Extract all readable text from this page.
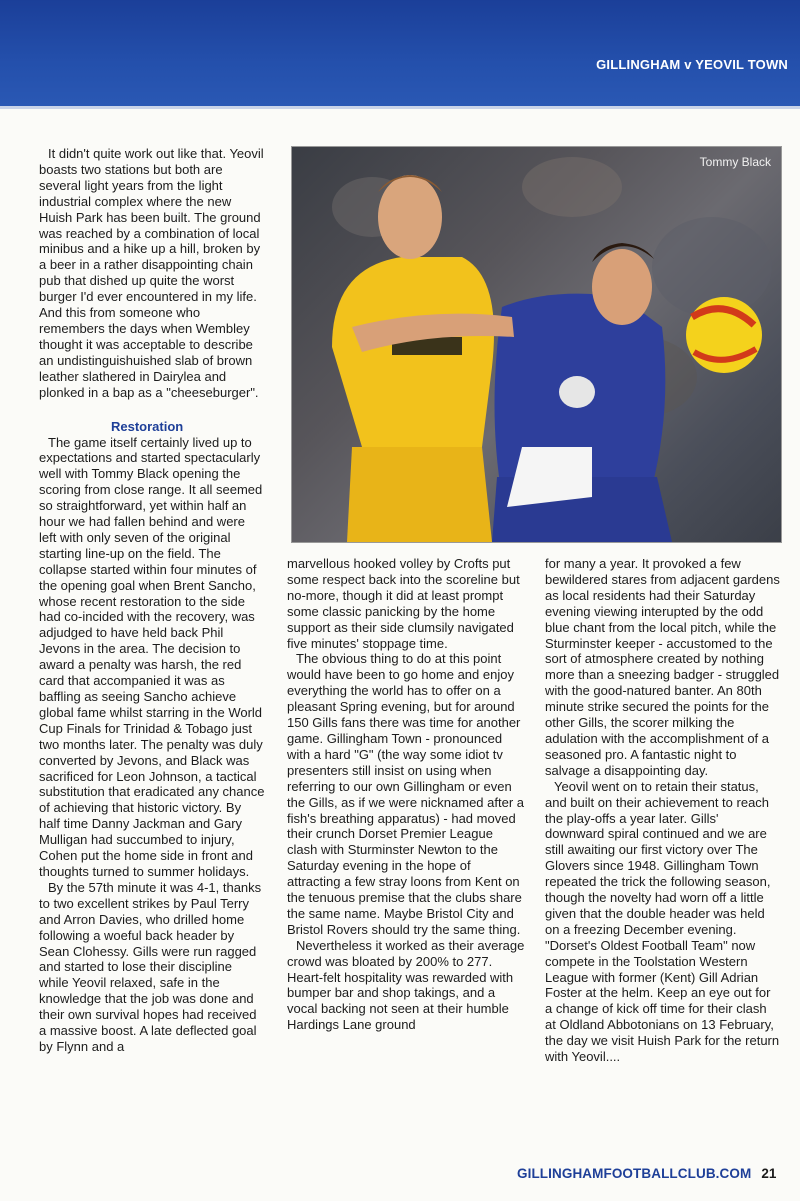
GILLINGHAM v YEOVIL TOWN

It didn't quite work out like that. Yeovil boasts two stations but both are several light years from the light industrial complex where the new Huish Park has been built. The ground was reached by a combination of local minibus and a hike up a hill, broken by a beer in a rather disappointing chain pub that dished up quite the worst burger I'd ever encountered in my life. And this from someone who remembers the days when Wembley thought it was acceptable to describe an undistinguishuished slab of brown leather slathered in Dairylea and plonked in a bap as a "cheeseburger".

Restoration

The game itself certainly lived up to expectations and started spectacularly well with Tommy Black opening the scoring from close range. It all seemed so straightforward, yet within half an hour we had fallen behind and were left with only seven of the original starting line-up on the field. The collapse started within four minutes of the opening goal when Brent Sancho, whose recent restoration to the side had co-incided with the recovery, was adjudged to have held back Phil Jevons in the area. The decision to award a penalty was harsh, the red card that accompanied it was as baffling as seeing Sancho achieve global fame whilst starring in the World Cup Finals for Trinidad & Tobago just two months later. The penalty was duly converted by Jevons, and Black was sacrificed for Leon Johnson, a tactical substitution that eradicated any chance of achieving that historic victory. By half time Danny Jackman and Gary Mulligan had succumbed to injury, Cohen put the home side in front and thoughts turned to summer holidays.

By the 57th minute it was 4-1, thanks to two excellent strikes by Paul Terry and Arron Davies, who drilled home following a woeful back header by Sean Clohessy. Gills were run ragged and started to lose their discipline while Yeovil relaxed, safe in the knowledge that the job was done and their own survival hopes had received a massive boost. A late deflected goal by Flynn and a

Tommy Black

marvellous hooked volley by Crofts put some respect back into the scoreline but no-more, though it did at least prompt some classic panicking by the home support as their side clumsily navigated five minutes' stoppage time.

The obvious thing to do at this point would have been to go home and enjoy everything the world has to offer on a pleasant Spring evening, but for around 150 Gills fans there was time for another game. Gillingham Town - pronounced with a hard "G" (the way some idiot tv presenters still insist on using when referring to our own Gillingham or even the Gills, as if we were nicknamed after a fish's breathing apparatus) - had moved their crunch Dorset Premier League clash with Sturminster Newton to the Saturday evening in the hope of attracting a few stray loons from Kent on the tenuous premise that the clubs share the same name. Maybe Bristol City and Bristol Rovers should try the same thing.

Nevertheless it worked as their average crowd was bloated by 200% to 277. Heart-felt hospitality was rewarded with bumper bar and shop takings, and a vocal backing not seen at their humble Hardings Lane ground

for many a year. It provoked a few bewildered stares from adjacent gardens as local residents had their Saturday evening viewing interupted by the odd blue chant from the local pitch, while the Sturminster keeper - accustomed to the sort of atmosphere created by nothing more than a sneezing badger - struggled with the good-natured banter. An 80th minute strike secured the points for the other Gills, the scorer milking the adulation with the accomplishment of a seasoned pro. A fantastic night to salvage a disappointing day.

Yeovil went on to retain their status, and built on their achievement to reach the play-offs a year later. Gills' downward spiral continued and we are still awaiting our first victory over The Glovers since 1948. Gillingham Town repeated the trick the following season, though the novelty had worn off a little given that the double header was held on a freezing December evening. "Dorset's Oldest Football Team" now compete in the Toolstation Western League with former (Kent) Gill Adrian Foster at the helm. Keep an eye out for a change of kick off time for their clash at Oldland Abbotonians on 13 February, the day we visit Huish Park for the return with Yeovil....

GILLINGHAMFOOTBALLCLUB.COM 21
